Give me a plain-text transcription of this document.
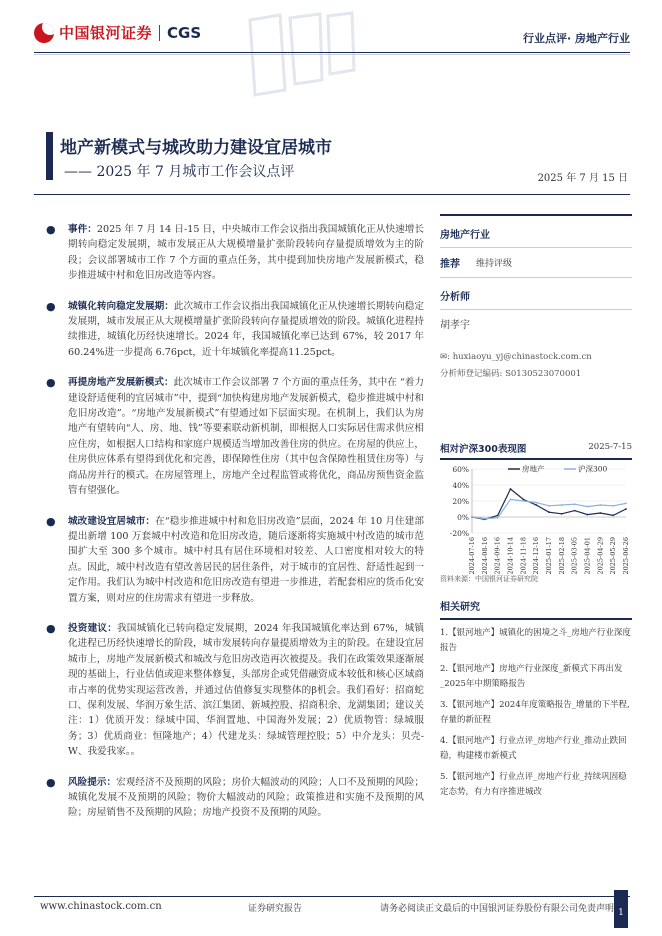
中国银河证券 CGS	行业点评· 房地产行业
地产新模式与城改助力建设宜居城市
—— 2025 年 7 月城市工作会议点评	2025 年 7 月 15 日
● 事件：2025 年 7 月 14 日-15 日，中央城市工作会议指出我国城镇化正从快速增长期转向稳定发展期，城市发展正从大规模增量扩张阶段转向存量提质增效为主的阶段；会议部署城市工作 7 个方面的重点任务，其中提到加快房地产发展新模式，稳步推进城中村和危旧房改造等内容。
● 城镇化转向稳定发展期：此次城市工作会议指出我国城镇化正从快速增长期转向稳定发展期，城市发展正从大规模增量扩张阶段转向存量提质增效的阶段。城镇化进程持续推进，城镇化历经快速增长。2024 年，我国城镇化率已达到 67%，较 2017 年 60.24%进一步提高 6.76pct，近十年城镇化率提高11.25pct。
● 再提房地产发展新模式：此次城市工作会议部署 7 个方面的重点任务，其中在 “着力建设舒适便利的宜居城市”中，提到“加快构建房地产发展新模式，稳步推进城中村和危旧房改造”。“房地产发展新模式”有望通过如下层面实现。在机制上，我们认为房地产有望转向“人、房、地、钱”等要素联动新机制，即根据人口实际居住需求供应相应住房，如根据人口结构和家庭户规模适当增加改善住房的供应。在房屋的供应上，住房供应体系有望得到优化和完善，即保障性住房（其中包含保障性租赁住房等）与商品房并行的模式。在房屋管理上，房地产全过程监管或将优化，商品房预售资金监管有望强化。
● 城改建设宜居城市：在“稳步推进城中村和危旧房改造”层面，2024 年 10 月住建部提出新增 100 万套城中村改造和危旧房改造，随后逐渐将实施城中村改造的城市范围扩大至 300 多个城市。城中村具有居住环境相对较差、人口密度相对较大的特点。因此，城中村改造有望改善居民的居住条件，对于城市的宜居性、舒适性起到一定作用。我们认为城中村改造和危旧房改造有望进一步推进，若配套相应的货币化安置方案，则对应的住房需求有望进一步释放。
● 投资建议：我国城镇化已转向稳定发展期，2024 年我国城镇化率达到 67%，城镇化进程已历经快速增长的阶段，城市发展转向存量提质增效为主的阶段。在建设宜居城市上，房地产发展新模式和城改与危旧房改造再次被提及。我们在政策效果逐渐展现的基础上，行业估值或迎来整体修复，头部房企或凭借融资成本较低和核心区域商市占率的优势实现运营改善，并通过估值修复实现整体的β机会。我们看好：招商蛇口、保利发展、华润万象生活、滨江集团、新城控股、招商积余、龙湖集团；建议关注：1）优质开发：绿城中国、华润置地、中国海外发展；2）优质物管：绿城服务；3）优质商业：恒隆地产；4）代建龙头：绿城管理控股；5）中介龙头：贝壳-W、我爱我家。。
● 风险提示：宏观经济不及预期的风险；房价大幅波动的风险；人口不及预期的风险；城镇化发展不及预期的风险；物价大幅波动的风险；政策推进和实施不及预期的风险；房屋销售不及预期的风险；房地产投资不及预期的风险。
房地产行业
推荐 维持评级
分析师
胡孝宇
✉: huxiaoyu_yj@chinastock.com.cn
分析师登记编码: S0130523070001
相对沪深300表现图	2025-7-15
60%
40%
20%
0%
-20%
2024-07-16 2024-08-16 2024-09-16 2024-10-14 2024-11-18 2024-12-16 2025-01-17 2025-02-18 2025-03-05 2025-04-01 2025-04-29 2025-05-29 2025-06-26
房地产	沪深300
资料来源：中国银河证券研究院
相关研究
1.【银河地产】城镇化的困境之斗_房地产行业深度报告
2.【银河地产】房地产行业深度_新模式下再出发_2025年中期策略报告
3.【银河地产】2024年度策略报告_增量的下半程,存量的新征程
4.【银河地产】行业点评_房地产行业_推动止跌回稳，构建楼市新模式
5.【银河地产】行业点评_房地产行业_持续巩固稳定态势，有力有序推进城改
www.chinastock.com.cn	证券研究报告	请务必阅读正文最后的中国银河证券股份有限公司免责声明 1
